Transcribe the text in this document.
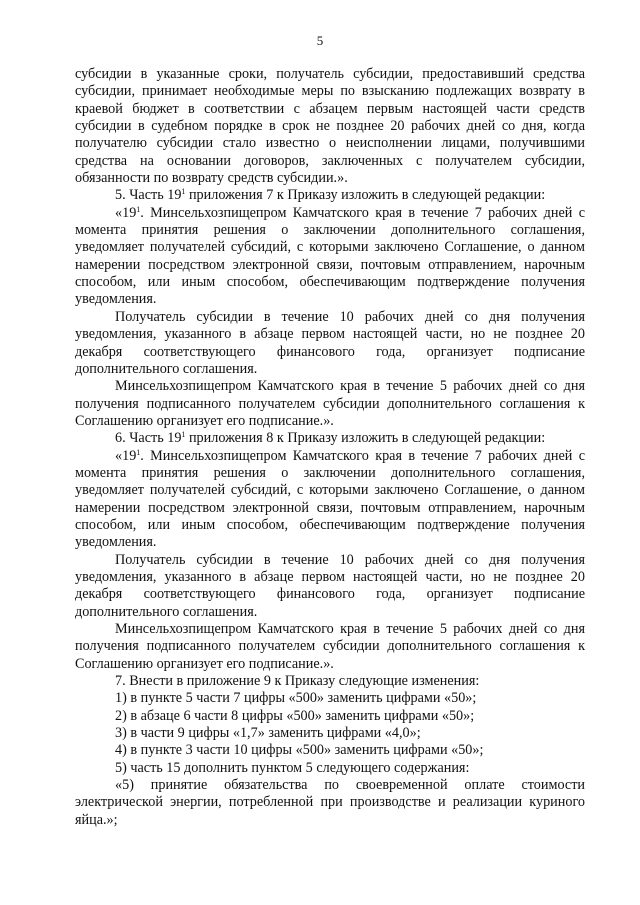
5

субсидии в указанные сроки, получатель субсидии, предоставивший средства субсидии, принимает необходимые меры по взысканию подлежащих возврату в краевой бюджет в соответствии с абзацем первым настоящей части средств субсидии в судебном порядке в срок не позднее 20 рабочих дней со дня, когда получателю субсидии стало известно о неисполнении лицами, получившими средства на основании договоров, заключенных с получателем субсидии, обязанности по возврату средств субсидии.».

5. Часть $19^1$ приложения 7 к Приказу изложить в следующей редакции:

«$19^1$. Минсельхозпищепром Камчатского края в течение 7 рабочих дней с момента принятия решения о заключении дополнительного соглашения, уведомляет получателей субсидий, с которыми заключено Соглашение, о данном намерении посредством электронной связи, почтовым отправлением, нарочным способом, или иным способом, обеспечивающим подтверждение получения уведомления.

Получатель субсидии в течение 10 рабочих дней со дня получения уведомления, указанного в абзаце первом настоящей части, но не позднее 20 декабря соответствующего финансового года, организует подписание дополнительного соглашения.

Минсельхозпищепром Камчатского края в течение 5 рабочих дней со дня получения подписанного получателем субсидии дополнительного соглашения к Соглашению организует его подписание.».

6. Часть $19^1$ приложения 8 к Приказу изложить в следующей редакции:

«$19^1$. Минсельхозпищепром Камчатского края в течение 7 рабочих дней с момента принятия решения о заключении дополнительного соглашения, уведомляет получателей субсидий, с которыми заключено Соглашение, о данном намерении посредством электронной связи, почтовым отправлением, нарочным способом, или иным способом, обеспечивающим подтверждение получения уведомления.

Получатель субсидии в течение 10 рабочих дней со дня получения уведомления, указанного в абзаце первом настоящей части, но не позднее 20 декабря соответствующего финансового года, организует подписание дополнительного соглашения.

Минсельхозпищепром Камчатского края в течение 5 рабочих дней со дня получения подписанного получателем субсидии дополнительного соглашения к Соглашению организует его подписание.».

7. Внести в приложение 9 к Приказу следующие изменения:

1) в пункте 5 части 7 цифры «500» заменить цифрами «50»;

2) в абзаце 6 части 8 цифры «500» заменить цифрами «50»;

3) в части 9 цифры «1,7» заменить цифрами «4,0»;

4) в пункте 3 части 10 цифры «500» заменить цифрами «50»;

5) часть 15 дополнить пунктом 5 следующего содержания:

«5) принятие обязательства по своевременной оплате стоимости электрической энергии, потребленной при производстве и реализации куриного яйца.»;
